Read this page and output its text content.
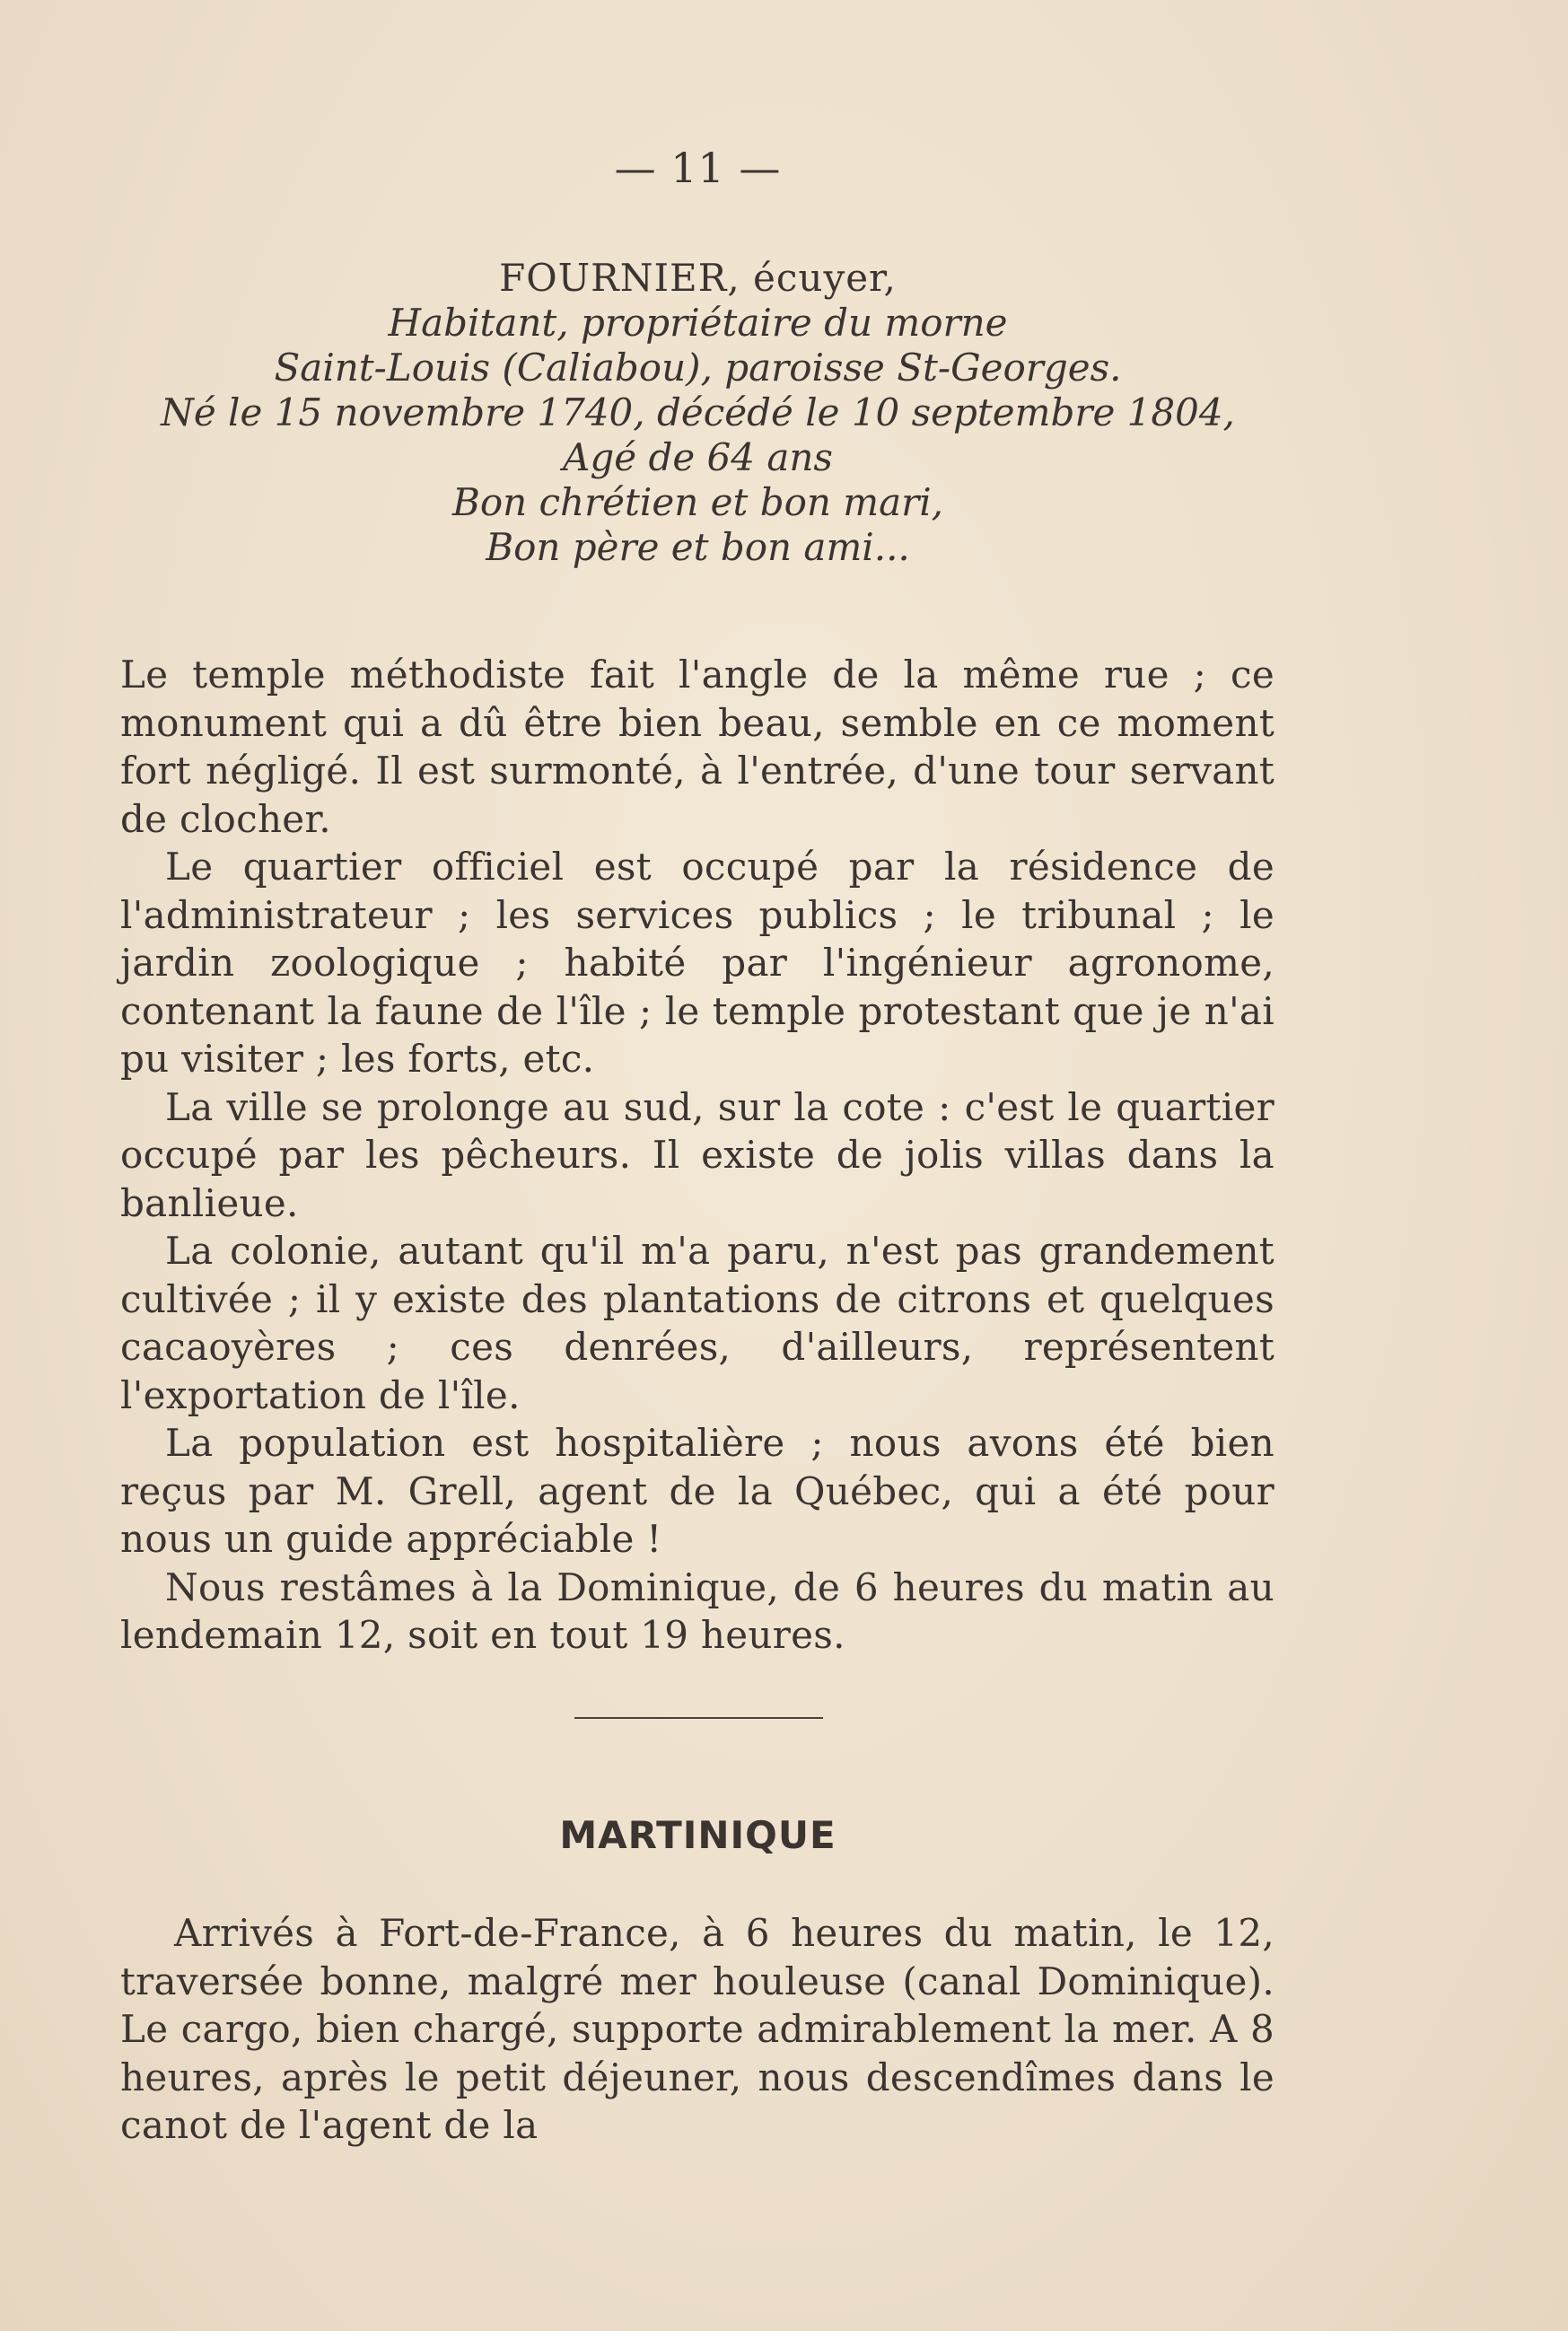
— 11 —
FOURNIER, écuyer,
Habitant, propriétaire du morne
Saint-Louis (Caliabou), paroisse St-Georges.
Né le 15 novembre 1740, décédé le 10 septembre 1804,
Agé de 64 ans
Bon chrétien et bon mari,
Bon père et bon ami...

Le temple méthodiste fait l'angle de la même rue ; ce monument qui a dû être bien beau, semble en ce moment fort négligé. Il est surmonté, à l'entrée, d'une tour servant de clocher.

Le quartier officiel est occupé par la résidence de l'administrateur ; les services publics ; le tribunal ; le jardin zoologique ; habité par l'ingénieur agronome, contenant la faune de l'île ; le temple protestant que je n'ai pu visiter ; les forts, etc.

La ville se prolonge au sud, sur la cote : c'est le quartier occupé par les pêcheurs. Il existe de jolis villas dans la banlieue.

La colonie, autant qu'il m'a paru, n'est pas grandement cultivée ; il y existe des plantations de citrons et quelques cacaoyères ; ces denrées, d'ailleurs, représentent l'exportation de l'île.

La population est hospitalière ; nous avons été bien reçus par M. Grell, agent de la Québec, qui a été pour nous un guide appréciable !

Nous restâmes à la Dominique, de 6 heures du matin au lendemain 12, soit en tout 19 heures.

MARTINIQUE

Arrivés à Fort-de-France, à 6 heures du matin, le 12, traversée bonne, malgré mer houleuse (canal Dominique). Le cargo, bien chargé, supporte admirablement la mer. A 8 heures, après le petit déjeuner, nous descendîmes dans le canot de l'agent de la
